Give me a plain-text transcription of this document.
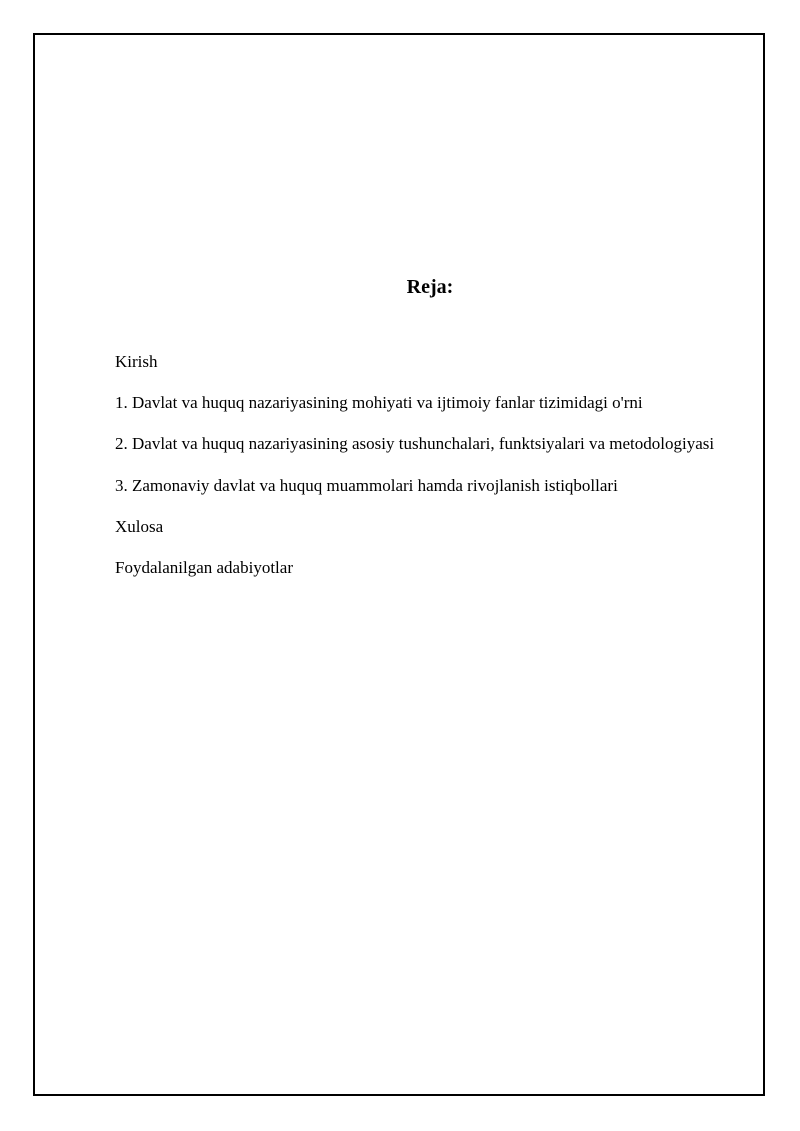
Reja:
Kirish
1. Davlat va huquq nazariyasining mohiyati va ijtimoiy fanlar tizimidagi o'rni
2. Davlat va huquq nazariyasining asosiy tushunchalari, funktsiyalari va metodologiyasi
3. Zamonaviy davlat va huquq muammolari hamda rivojlanish istiqbollari
Xulosa
Foydalanilgan adabiyotlar
